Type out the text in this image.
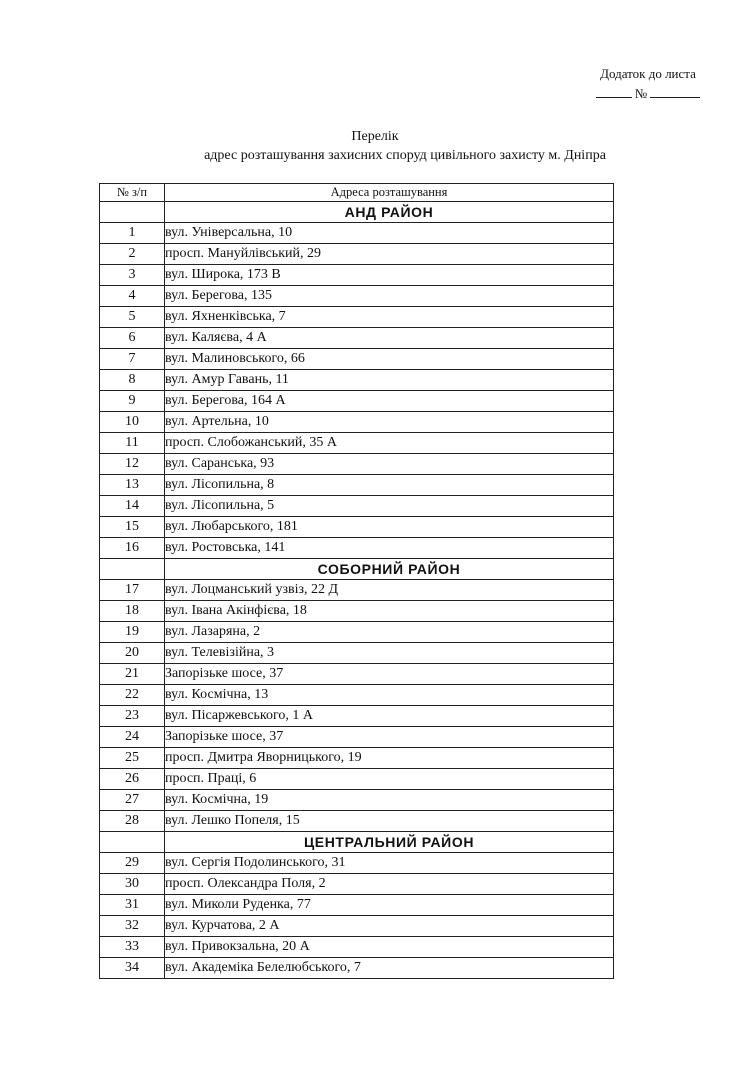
Додаток до листа
№
Перелік
адрес розташування захисних споруд цивільного захисту м. Дніпра
№ з/п	Адреса розташування
	АНД РАЙОН
1	вул. Універсальна, 10
2	просп. Мануйлівський, 29
3	вул. Широка, 173 В
4	вул. Берегова, 135
5	вул. Яхненківська, 7
6	вул. Каляєва, 4 А
7	вул. Малиновського, 66
8	вул. Амур Гавань, 11
9	вул. Берегова, 164 А
10	вул. Артельна, 10
11	просп. Слобожанський, 35 А
12	вул. Саранська, 93
13	вул. Лісопильна, 8
14	вул. Лісопильна, 5
15	вул. Любарського, 181
16	вул. Ростовська, 141
	СОБОРНИЙ РАЙОН
17	вул. Лоцманський узвіз, 22 Д
18	вул. Івана Акінфієва, 18
19	вул. Лазаряна, 2
20	вул. Телевізійна, 3
21	Запорізьке шосе, 37
22	вул. Космічна, 13
23	вул. Пісаржевського, 1 А
24	Запорізьке шосе, 37
25	просп. Дмитра Яворницького, 19
26	просп. Праці, 6
27	вул. Космічна, 19
28	вул. Лешко Попеля, 15
	ЦЕНТРАЛЬНИЙ РАЙОН
29	вул. Сергія Подолинського, 31
30	просп. Олександра Поля, 2
31	вул. Миколи Руденка, 77
32	вул. Курчатова, 2 А
33	вул. Привокзальна, 20 А
34	вул. Академіка Белелюбського, 7
